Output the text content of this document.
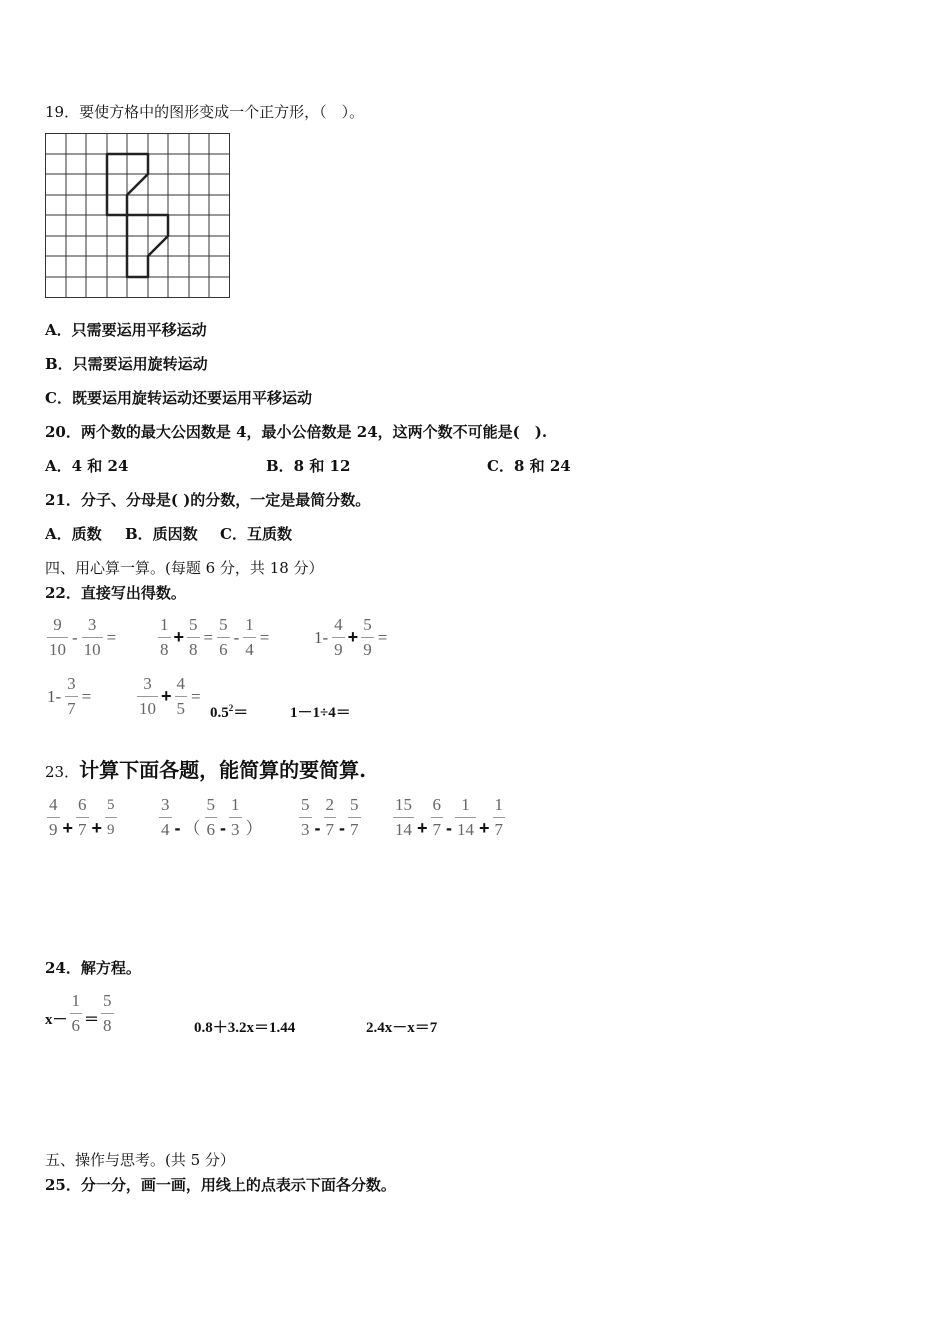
19．要使方格中的图形变成一个正方形，（　）。
A．只需要运用平移运动
B．只需要运用旋转运动
C．既要运用旋转运动还要运用平移运动
20．两个数的最大公因数是 4，最小公倍数是 24，这两个数不可能是(　).
A．4 和 24	B．8 和 12	C．8 和 24
21．分子、分母是( )的分数，一定是最简分数。
A．质数 B．质因数 C．互质数
四、用心算一算。(每题 6 分，共 18 分）
22．直接写出得数。
$\frac{9}{10} - \frac{3}{10} = \frac{1}{8} + \frac{5}{8} = \frac{5}{6} - \frac{1}{4}$ =	$1- \frac{4}{9} + \frac{5}{9}$ =
$1- \frac{3}{7}$ =	$\frac{3}{10} + \frac{4}{5}$ =
$0.5^2=$	1－1÷4＝
23．计算下面各题，能简算的要简算.
$\frac{4}{9} + \frac{6}{7} + \frac{5}{9} \frac{3}{4}$ - （ $\frac{5}{6} - \frac{1}{3}$ ） $\frac{5}{3} - \frac{2}{7} - \frac{5}{7} \frac{15}{14} + \frac{6}{7} - \frac{1}{14} + \frac{1}{7}$
24．解方程。
$x- \frac{1}{6} = \frac{5}{8}$	0.8＋3.2x＝1.44	2.4x－x＝7
五、操作与思考。(共 5 分）
25．分一分，画一画，用线上的点表示下面各分数。
